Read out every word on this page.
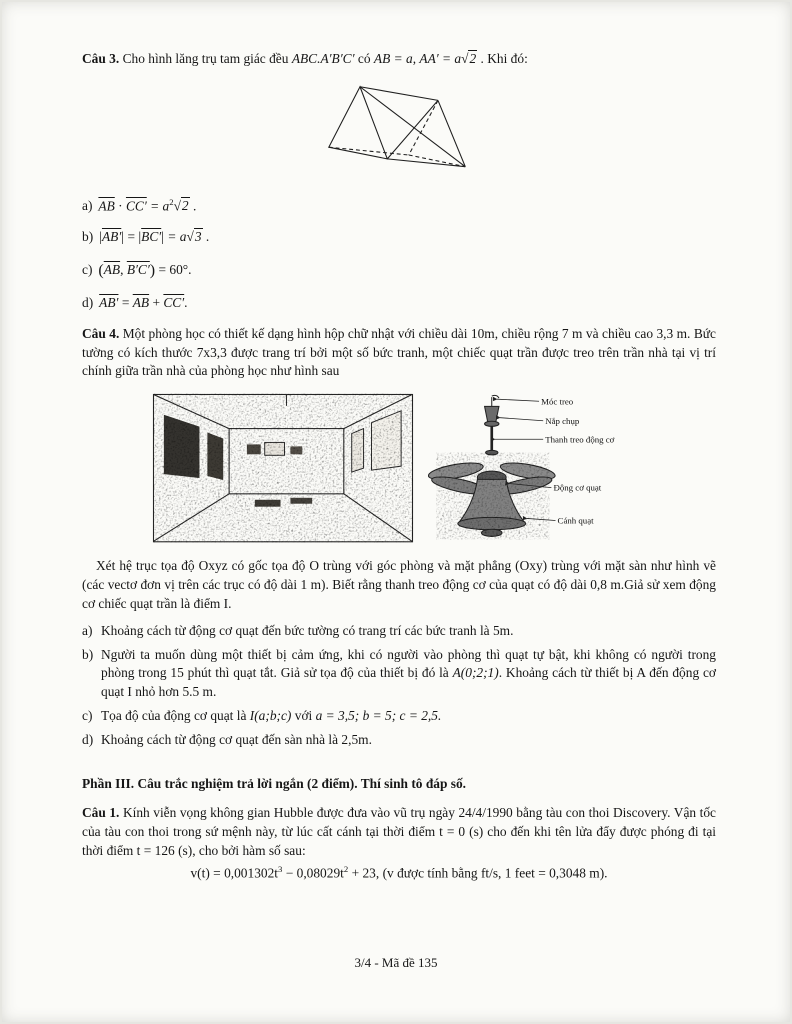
Câu 3. Cho hình lăng trụ tam giác đều ABC.A′B′C′ có AB = a, AA′ = a√2 . Khi đó:

a) $\overline{AB} \cdot CC' = a^2√2$ .
b) |AB′| = |BC′| = a√3 .
c) ($\overline{AB}$, B′C′) = 60°.
d) $AB' = \overline{AB} + CC'$.

Câu 4. Một phòng học có thiết kế dạng hình hộp chữ nhật với chiều dài 10m, chiều rộng 7 m và chiều cao 3,3 m. Bức tường có kích thước 7x3,3 được trang trí bởi một số bức tranh, một chiếc quạt trần được treo trên trần nhà tại vị trí chính giữa trần nhà của phòng học như hình sau

Móc treo
Nắp chụp
Thanh treo động cơ
Động cơ quạt
Cánh quạt

Xét hệ trục tọa độ Oxyz có gốc tọa độ O trùng với góc phòng và mặt phẳng (Oxy) trùng với mặt sàn như hình vẽ (các vectơ đơn vị trên các trục có độ dài 1 m). Biết rằng thanh treo động cơ của quạt có độ dài 0,8 m.Giả sử xem động cơ chiếc quạt trần là điểm I.

a) Khoảng cách từ động cơ quạt đến bức tường có trang trí các bức tranh là 5m.
b) Người ta muốn dùng một thiết bị cảm ứng, khi có người vào phòng thì quạt tự bật, khi không có người trong phòng trong 15 phút thì quạt tắt. Giả sử tọa độ của thiết bị đó là A(0;2;1). Khoảng cách từ thiết bị A đến động cơ quạt I nhỏ hơn 5.5 m.
c) Tọa độ của động cơ quạt là I(a;b;c) với a = 3,5; b = 5; c = 2,5.
d) Khoảng cách từ động cơ quạt đến sàn nhà là 2,5m.

Phần III. Câu trắc nghiệm trả lời ngắn (2 điểm). Thí sinh tô đáp số.

Câu 1. Kính viễn vọng không gian Hubble được đưa vào vũ trụ ngày 24/4/1990 bằng tàu con thoi Discovery. Vận tốc của tàu con thoi trong sứ mệnh này, từ lúc cất cánh tại thời điểm t = 0 (s) cho đến khi tên lửa đẩy được phóng đi tại thời điểm t = 126 (s), cho bởi hàm số sau:

$v(t) = 0,001302t^3 - 0,08029t^2 + 23$, (v được tính bằng ft/s, 1 feet = 0,3048 m).

3/4 - Mã đề 135
